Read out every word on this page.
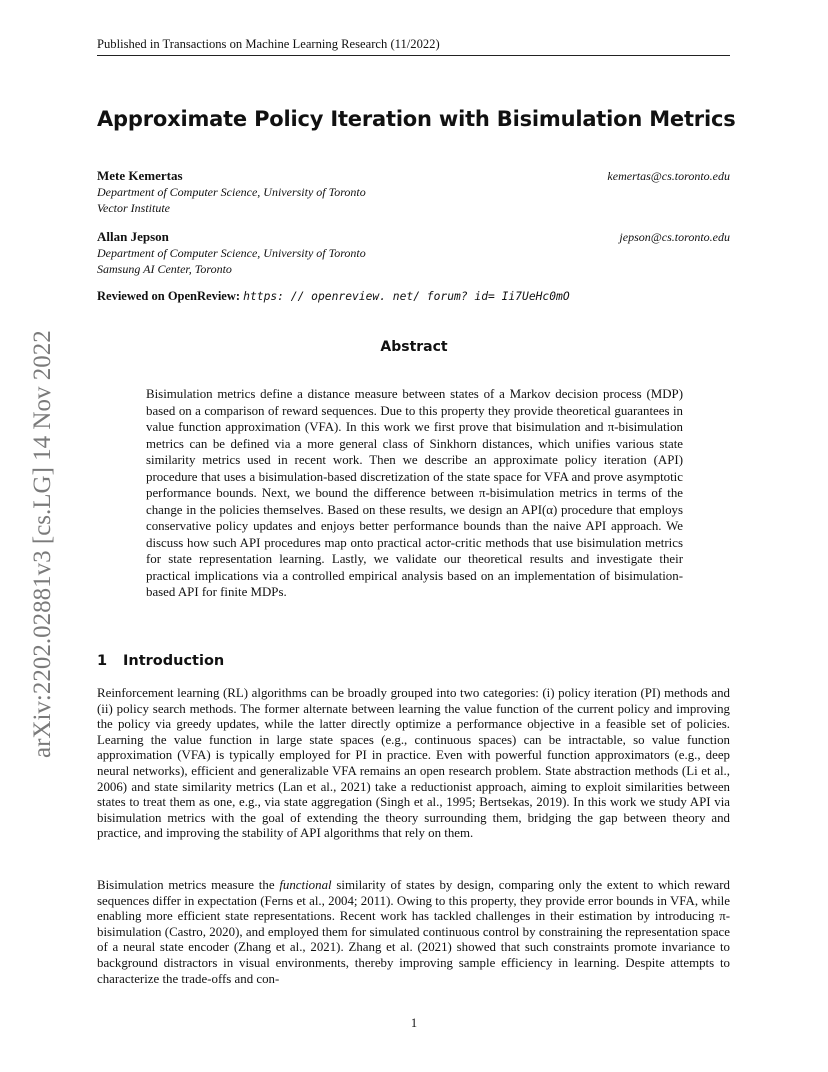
Published in Transactions on Machine Learning Research (11/2022)
Approximate Policy Iteration with Bisimulation Metrics
Mete Kemertas	kemertas@cs.toronto.edu
Department of Computer Science, University of Toronto
Vector Institute
Allan Jepson	jepson@cs.toronto.edu
Department of Computer Science, University of Toronto
Samsung AI Center, Toronto
Reviewed on OpenReview: https: // openreview. net/ forum? id= Ii7UeHc0mO
Abstract
Bisimulation metrics define a distance measure between states of a Markov decision process (MDP) based on a comparison of reward sequences. Due to this property they provide theoretical guarantees in value function approximation (VFA). In this work we first prove that bisimulation and π-bisimulation metrics can be defined via a more general class of Sinkhorn distances, which unifies various state similarity metrics used in recent work. Then we describe an approximate policy iteration (API) procedure that uses a bisimulation-based discretization of the state space for VFA and prove asymptotic performance bounds. Next, we bound the difference between π-bisimulation metrics in terms of the change in the policies themselves. Based on these results, we design an API(α) procedure that employs conservative policy updates and enjoys better performance bounds than the naive API approach. We discuss how such API procedures map onto practical actor-critic methods that use bisimulation metrics for state representation learning. Lastly, we validate our theoretical results and investigate their practical implications via a controlled empirical analysis based on an implementation of bisimulation-based API for finite MDPs.
1 Introduction
Reinforcement learning (RL) algorithms can be broadly grouped into two categories: (i) policy iteration (PI) methods and (ii) policy search methods. The former alternate between learning the value function of the current policy and improving the policy via greedy updates, while the latter directly optimize a performance objective in a feasible set of policies. Learning the value function in large state spaces (e.g., continuous spaces) can be intractable, so value function approximation (VFA) is typically employed for PI in practice. Even with powerful function approximators (e.g., deep neural networks), efficient and generalizable VFA remains an open research problem. State abstraction methods (Li et al., 2006) and state similarity metrics (Lan et al., 2021) take a reductionist approach, aiming to exploit similarities between states to treat them as one, e.g., via state aggregation (Singh et al., 1995; Bertsekas, 2019). In this work we study API via bisimulation metrics with the goal of extending the theory surrounding them, bridging the gap between theory and practice, and improving the stability of API algorithms that rely on them.
Bisimulation metrics measure the functional similarity of states by design, comparing only the extent to which reward sequences differ in expectation (Ferns et al., 2004; 2011). Owing to this property, they provide error bounds in VFA, while enabling more efficient state representations. Recent work has tackled challenges in their estimation by introducing π-bisimulation (Castro, 2020), and employed them for simulated continuous control by constraining the representation space of a neural state encoder (Zhang et al., 2021). Zhang et al. (2021) showed that such constraints promote invariance to background distractors in visual environments, thereby improving sample efficiency in learning. Despite attempts to characterize the trade-offs and con-
1
arXiv:2202.02881v3 [cs.LG] 14 Nov 2022
